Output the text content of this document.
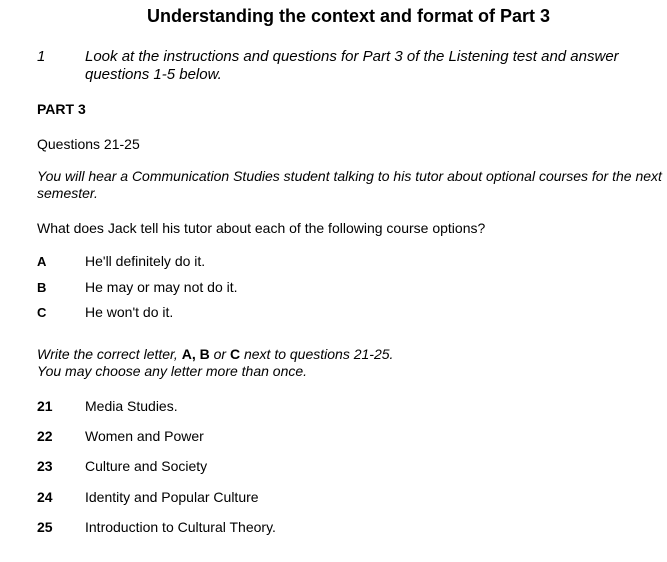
Understanding the context and format of Part 3
1	Look at the instructions and questions for Part 3 of the Listening test and answer questions 1-5 below.
PART 3
Questions 21-25
You will hear a Communication Studies student talking to his tutor about optional courses for the next semester.
What does Jack tell his tutor about each of the following course options?
A	He'll definitely do it.
B	He may or may not do it.
C	He won't do it.
Write the correct letter, A, B or C next to questions 21-25.
You may choose any letter more than once.
21 Media Studies.
22 Women and Power
23 Culture and Society
24 Identity and Popular Culture
25 Introduction to Cultural Theory.
